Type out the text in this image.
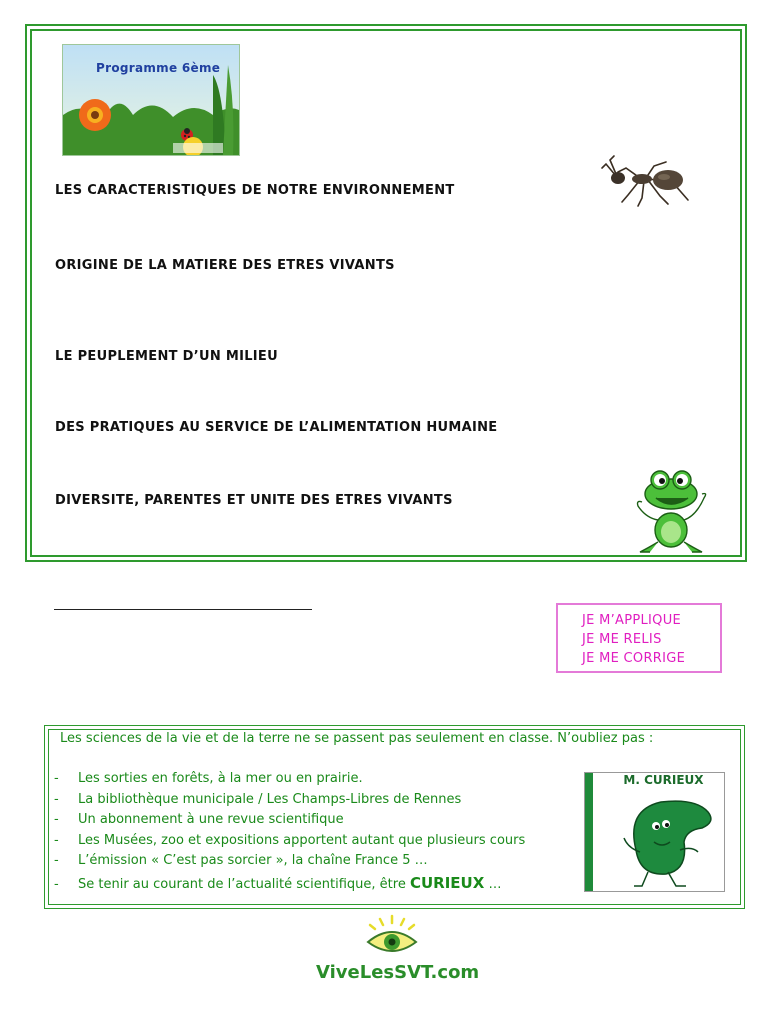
Programme 6ème
LES CARACTERISTIQUES DE NOTRE ENVIRONNEMENT
ORIGINE DE LA MATIERE DES ETRES VIVANTS
LE PEUPLEMENT D’UN MILIEU
DES PRATIQUES AU SERVICE DE L’ALIMENTATION HUMAINE
DIVERSITE, PARENTES ET UNITE DES ETRES VIVANTS
JE M’APPLIQUE
JE ME RELIS
JE ME CORRIGE
Les sciences de la vie et de la terre ne se passent pas seulement en classe. N’oubliez pas :
- Les sorties en forêts, à la mer ou en prairie.
- La bibliothèque municipale / Les Champs-Libres de Rennes
- Un abonnement à une revue scientifique
- Les Musées, zoo et expositions apportent autant que plusieurs cours
- L’émission « C’est pas sorcier », la chaîne France 5 …
- Se tenir au courant de l’actualité scientifique, être CURIEUX …
M. CURIEUX
ViveLesSVT.com
